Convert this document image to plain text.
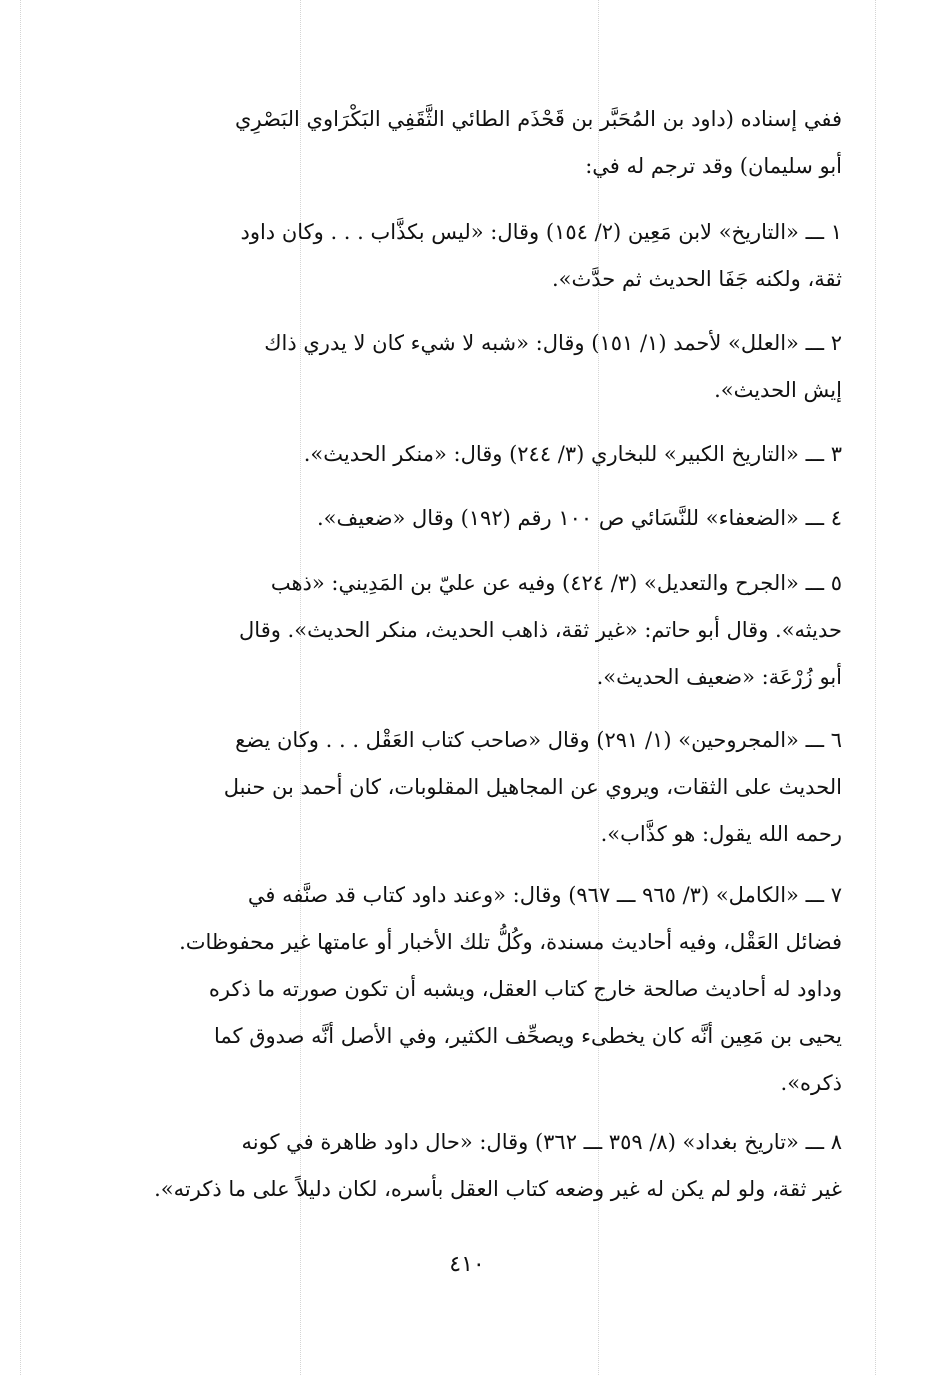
ففي إسناده (داود بن المُحَبَّر بن قَحْذَم الطائي الثَّقَفِي البَكْرَاوي البَصْرِي
أبو سليمان) وقد ترجم له في:

١ ـــ «التاريخ» لابن مَعِين (٢/ ١٥٤) وقال: «ليس بكذَّاب . . . وكان داود
ثقة، ولكنه جَفَا الحديث ثم حدَّث».

٢ ـــ «العلل» لأحمد (١/ ١٥١) وقال: «شبه لا شيء كان لا يدري ذاك
إيش الحديث».

٣ ـــ «التاريخ الكبير» للبخاري (٣/ ٢٤٤) وقال: «منكر الحديث».

٤ ـــ «الضعفاء» للنَّسَائي ص ١٠٠ رقم (١٩٢) وقال «ضعيف».

٥ ـــ «الجرح والتعديل» (٣/ ٤٢٤) وفيه عن عليّ بن المَدِيني: «ذهب
حديثه». وقال أبو حاتم: «غير ثقة، ذاهب الحديث، منكر الحديث». وقال
أبو زُرْعَة: «ضعيف الحديث».

٦ ـــ «المجروحين» (١/ ٢٩١) وقال «صاحب كتاب العَقْل . . . وكان يضع
الحديث على الثقات، ويروي عن المجاهيل المقلوبات، كان أحمد بن حنبل
رحمه الله يقول: هو كذَّاب».

٧ ـــ «الكامل» (٣/ ٩٦٥ ـــ ٩٦٧) وقال: «وعند داود كتاب قد صنَّفه في
فضائل العَقْل، وفيه أحاديث مسندة، وكُلُّ تلك الأخبار أو عامتها غير محفوظات.
وداود له أحاديث صالحة خارج كتاب العقل، ويشبه أن تكون صورته ما ذكره
يحيى بن مَعِين أنَّه كان يخطىء ويصحِّف الكثير، وفي الأصل أنَّه صدوق كما
ذكره».

٨ ـــ «تاريخ بغداد» (٨/ ٣٥٩ ـــ ٣٦٢) وقال: «حال داود ظاهرة في كونه
غير ثقة، ولو لم يكن له غير وضعه كتاب العقل بأسره، لكان دليلاً على ما ذكرته».

٤١٠
